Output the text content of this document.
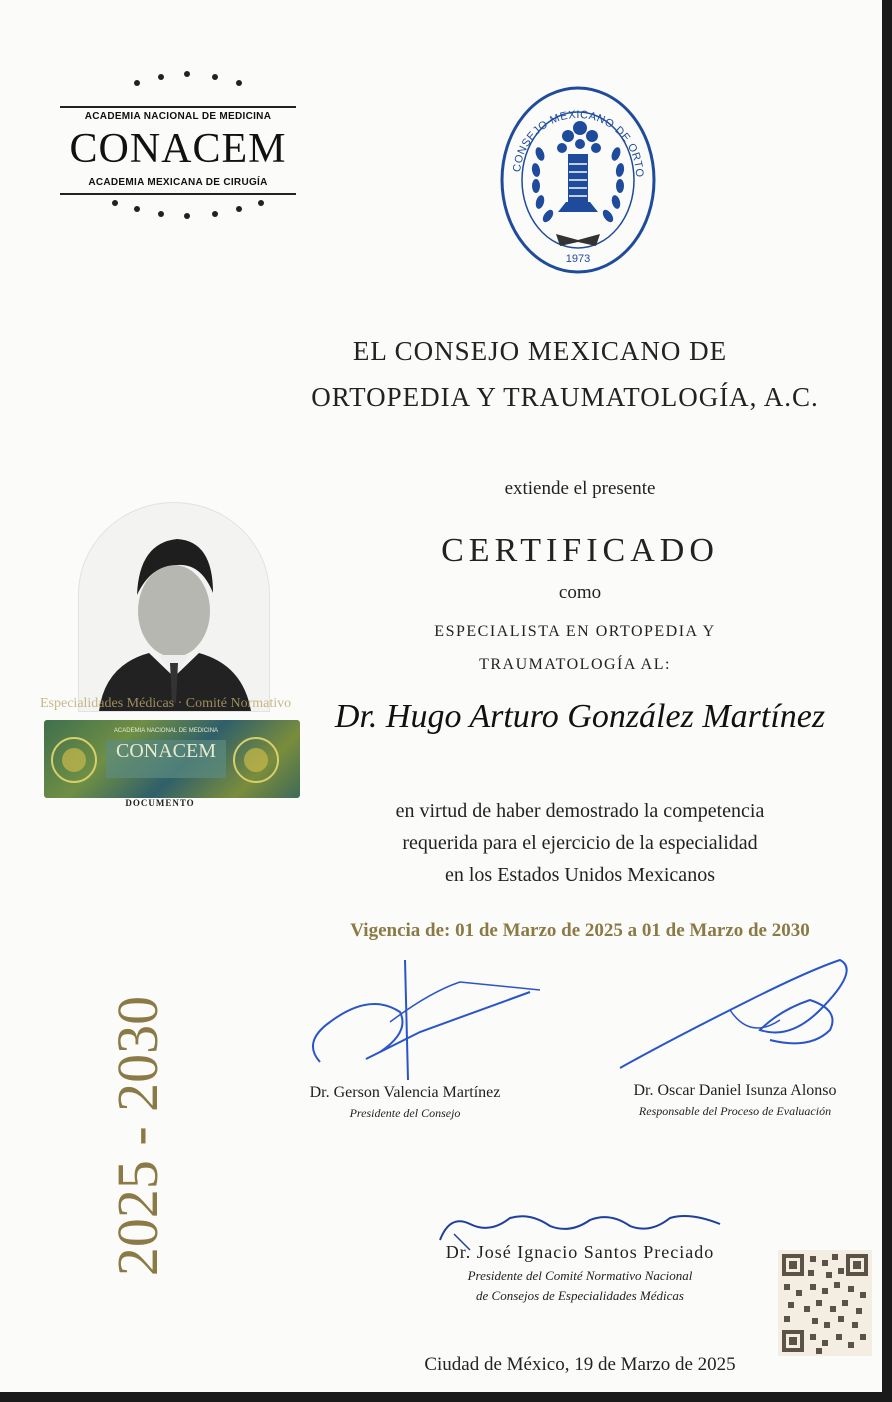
ACADEMIA NACIONAL DE MEDICINA
CONACEM
ACADEMIA MEXICANA DE CIRUGÍA
CONSEJO MEXICANO DE ORTO
1973
EL CONSEJO MEXICANO DE
ORTOPEDIA Y TRAUMATOLOGÍA, A.C.
extiende el presente
CERTIFICADO
como
ESPECIALISTA EN ORTOPEDIA Y
TRAUMATOLOGÍA AL:
Dr. Hugo Arturo González Martínez
Especialidades Médicas · Comité Normativo
CONACEM
ACADEMIA NACIONAL DE MEDICINA
DOCUMENTO	en virtud de haber demostrado la competencia
requerida para el ejercicio de la especialidad
en los Estados Unidos Mexicanos
Vigencia de: 01 de Marzo de 2025 a 01 de Marzo de 2030
2025 - 2030	Dr. Gerson Valencia Martínez
Presidente del Consejo
Dr. Oscar Daniel Isunza Alonso
Responsable del Proceso de Evaluación
Dr. José Ignacio Santos Preciado
Presidente del Comité Normativo Nacional
de Consejos de Especialidades Médicas
Ciudad de México, 19 de Marzo de 2025
